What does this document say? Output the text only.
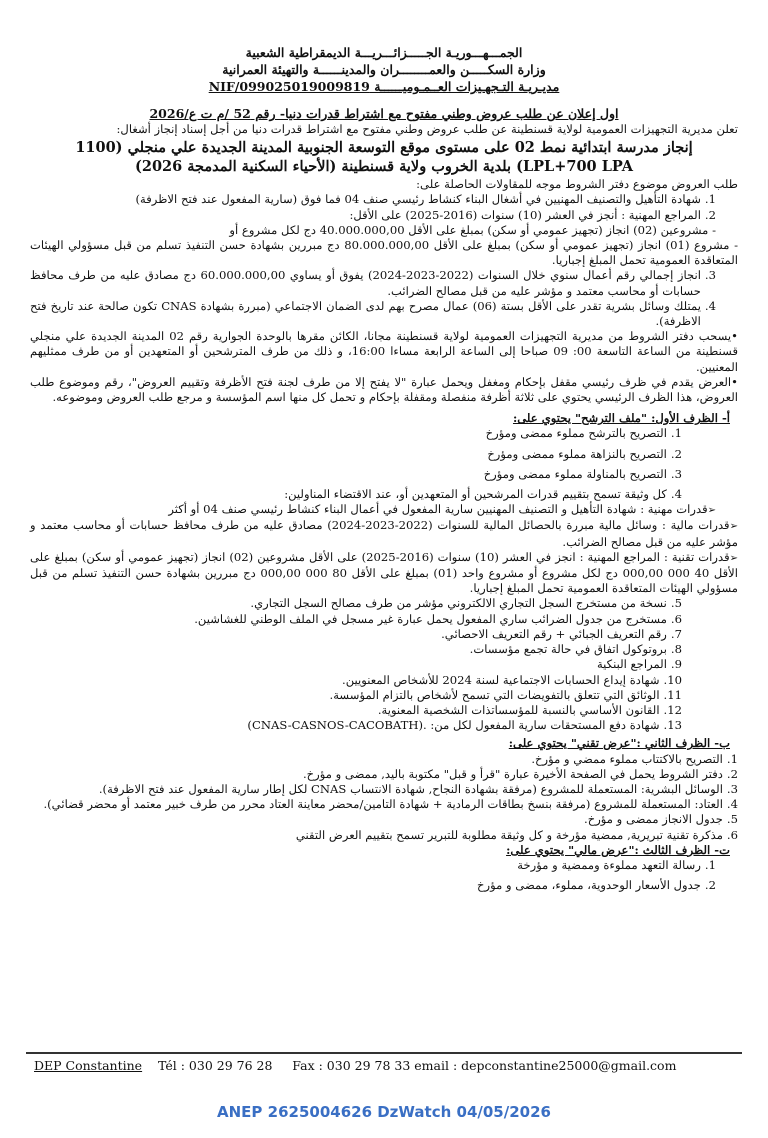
الجمـــهـــوريـة الجـــــزائـــريـــة الديمقراطية الشعبية
وزارة السكـــــن والعمــــــــران والمدينــــــة والتهيئة العمرانية
مديـريـة التـجهـيزات العــمـوميــــــة NIF/099025019009819
اول إعلان عن طلب عروض وطني مفتوح مع اشتراط قدرات دنيا- رقم 52 /م ت ع/2026

تعلن مديرية التجهيزات العمومية لولاية قسنطينة عن طلب عروض وطني مفتوح مع اشتراط قدرات دنيا من أجل إسناد إنجاز أشغال:

إنجاز مدرسة ابتدائية نمط 02 على مستوى موقع التوسعة الجنوبية المدينة الجديدة علي منجلي (1100 LPL+700 LPA) بلدية الخروب ولاية قسنطينة (الأحياء السكنية المدمجة 2026)

طلب العروض موضوع دفتر الشروط موجه للمقاولات الحاصلة على:

1.
شهادة التأهيل والتصنيف المهنيين في أشغال البناء كنشاط رئيسي صنف 04 فما فوق (سارية المفعول عند فتح الاظرفة)
2.
المراجع المهنية : أنجز في العشر (10) سنوات (2016-2025) على الأقل:

- مشروعين (02) انجاز (تجهيز عمومي أو سكن) بمبلغ على الأقل 40.000.000,00 دج لكل مشروع أو

- مشروع (01) انجاز (تجهيز عمومي أو سكن) بمبلغ على الأقل 80.000.000,00 دج مبررين بشهادة حسن التنفيذ تسلم من قبل مسؤولي الهيئات المتعاقدة العمومية تحمل المبلغ إجباريا.

3.
انجاز إجمالي رقم أعمال سنوي خلال السنوات (2022-2023-2024) يفوق أو يساوي 60.000.000,00 دج مصادق عليه من طرف محافظ حسابات أو محاسب معتمد و مؤشر عليه من قبل مصالح الضرائب.
4.
يمتلك وسائل بشرية تقدر على الأقل بستة (06) عمال مصرح بهم لدى الضمان الاجتماعي (مبررة بشهادة CNAS تكون صالحة عند تاريخ فتح الاظرفة).

• يسحب دفتر الشروط من مديرية التجهيزات العمومية لولاية قسنطينة مجانا، الكائن مقرها بالوحدة الجوارية رقم 02 المدينة الجديدة علي منجلي قسنطينة من الساعة التاسعة 00: 09 صباحا إلى الساعة الرابعة مساءا 16:00، و ذلك من طرف المترشحين أو المتعهدين أو من طرف ممثليهم المعنيين.

• العرض يقدم في ظرف رئيسي مقفل بإحكام ومغفل ويحمل عبارة "لا يفتح إلا من طرف لجنة فتح الأظرفة وتقييم العروض"، رقم وموضوع طلب العروض، هذا الظرف الرئيسي يحتوي على ثلاثة أظرفة منفصلة ومقفلة بإحكام و تحمل كل منها اسم المؤسسة و مرجع طلب العروض وموضوعه.

أ- الظرف الأول: "ملف الترشح" يحتوي على:

1.
التصريح بالترشح مملوء ممضى ومؤرخ
2.
التصريح بالنزاهة مملوء ممضى ومؤرخ
3.
التصريح بالمناولة مملوء ممضى ومؤرخ
4.
كل وثيقة تسمح بتقييم قدرات المرشحين أو المتعهدين أو، عند الاقتضاء المناولين:

➢ قدرات مهنية : شهادة التأهيل و التصنيف المهنيين سارية المفعول في أعمال البناء كنشاط رئيسي صنف 04 أو أكثر

➢ قدرات مالية : وسائل مالية مبررة بالحصائل المالية للسنوات (2022-2023-2024) مصادق عليه من طرف محافظ حسابات أو محاسب معتمد و مؤشر عليه من قبل مصالح الضرائب.

➢ قدرات تقنية : المراجع المهنية : انجز في العشر (10) سنوات (2016-2025) على الأقل مشروعين (02) انجاز (تجهيز عمومي أو سكن) بمبلغ على الأقل 40 000 000,00 دج لكل مشروع أو مشروع واحد (01) بمبلغ على الأقل 80 000 000,00 دج مبررين بشهادة حسن التنفيذ تسلم من قبل مسؤولي الهيئات المتعاقدة العمومية تحمل المبلغ إجباريا.

5.
نسخة من مستخرج السجل التجاري الالكتروني مؤشر من طرف مصالح السجل التجاري.
6.
مستخرج من جدول الضرائب ساري المفعول يحمل عبارة غير مسجل في الملف الوطني للغشاشين.
7.
رقم التعريف الجبائي + رقم التعريف الاحصائي.
8.
بروتوكول اتفاق في حالة تجمع مؤسسات.
9.
المراجع البنكية
10.
شهادة إيداع الحسابات الاجتماعية لسنة 2024 للأشخاص المعنويين.
11.
الوثائق التي تتعلق بالتفويضات التي تسمح لأشخاص بالتزام المؤسسة.
12.
القانون الأساسي بالنسبة للمؤسساتذات الشخصية المعنوية.
13.
شهادة دفع المستحقات سارية المفعول لكل من: .(CNAS-CASNOS-CACOBATH)

ب- الظرف الثاني :"عرض تقني" يحتوي على:

1.
التصريح بالاكتتاب مملوء ممضي و مؤرخ.
2.
دفتر الشروط يحمل في الصفحة الأخيرة عبارة "قرأ و قبل" مكتوبة باليد, ممضى و مؤرخ.
3.
الوسائل البشرية: المستعملة للمشروع (مرفقة بشهادة النجاح, شهادة الانتساب CNAS لكل إطار سارية المفعول عند فتح الاظرفة).
4.
العتاد: المستعملة للمشروع (مرفقة بنسخ بطاقات الرمادية + شهادة التامين/محضر معاينة العتاد محرر من طرف خبير معتمد أو محضر قضائي).
5.
جدول الانجاز ممضى و مؤرخ.
6.
مذكرة تقنية تبريرية, ممضية مؤرخة و كل وثيقة مطلوبة للتبرير تسمح بتقييم العرض التقني

ت- الظرف الثالث :"عرض مالي" يحتوي على:

1.
رسالة التعهد مملوءة وممضية و مؤرخة
2.
جدول الأسعار الوحدوية، مملوء، ممضى و مؤرخ
DEP Constantine Tél : 030 29 76 28 Fax : 030 29 78 33 email : depconstantine25000@gmail.com
ANEP 2625004626 DzWatch 04/05/2026
